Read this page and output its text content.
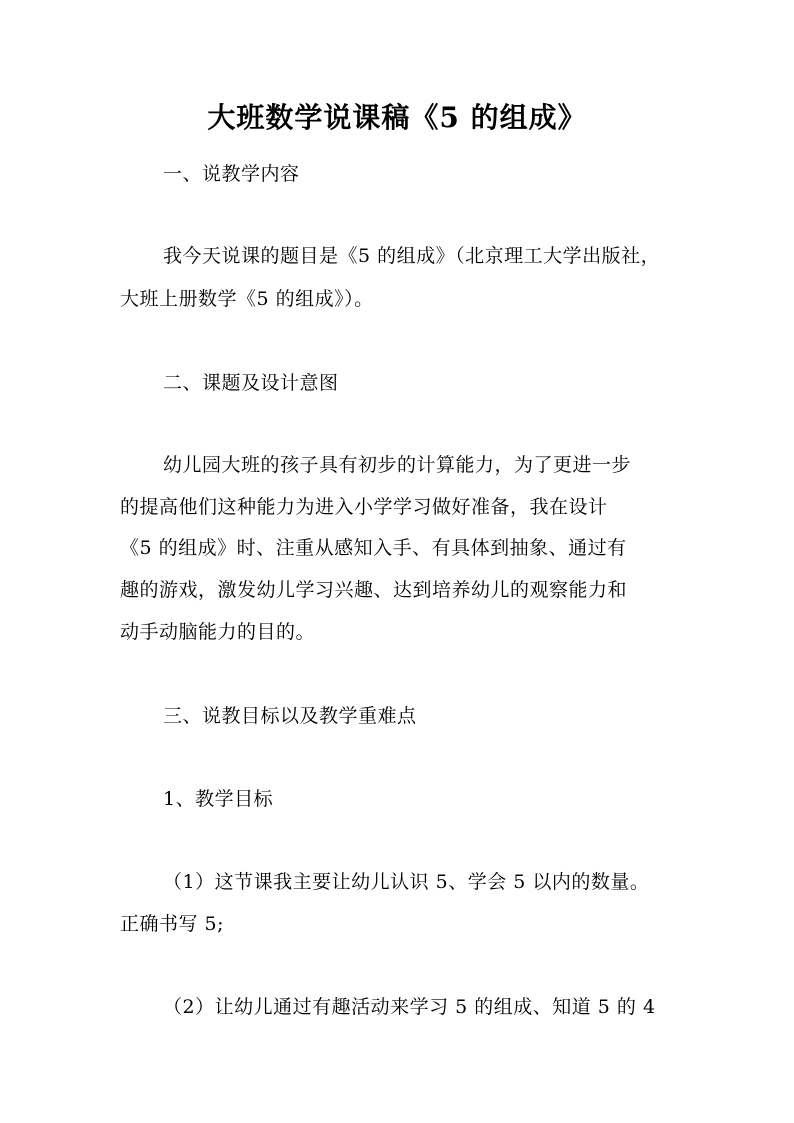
大班数学说课稿《5 的组成》
一、说教学内容
我今天说课的题目是《5 的组成》（北京理工大学出版社，
大班上册数学《5 的组成》）。
二、课题及设计意图
幼儿园大班的孩子具有初步的计算能力，为了更进一步
的提高他们这种能力为进入小学学习做好准备，我在设计
《5 的组成》时、注重从感知入手、有具体到抽象、通过有
趣的游戏，激发幼儿学习兴趣、达到培养幼儿的观察能力和
动手动脑能力的目的。
三、说教目标以及教学重难点
1、教学目标
（1）这节课我主要让幼儿认识 5、学会 5 以内的数量。
正确书写 5;
（2）让幼儿通过有趣活动来学习 5 的组成、知道 5 的 4
